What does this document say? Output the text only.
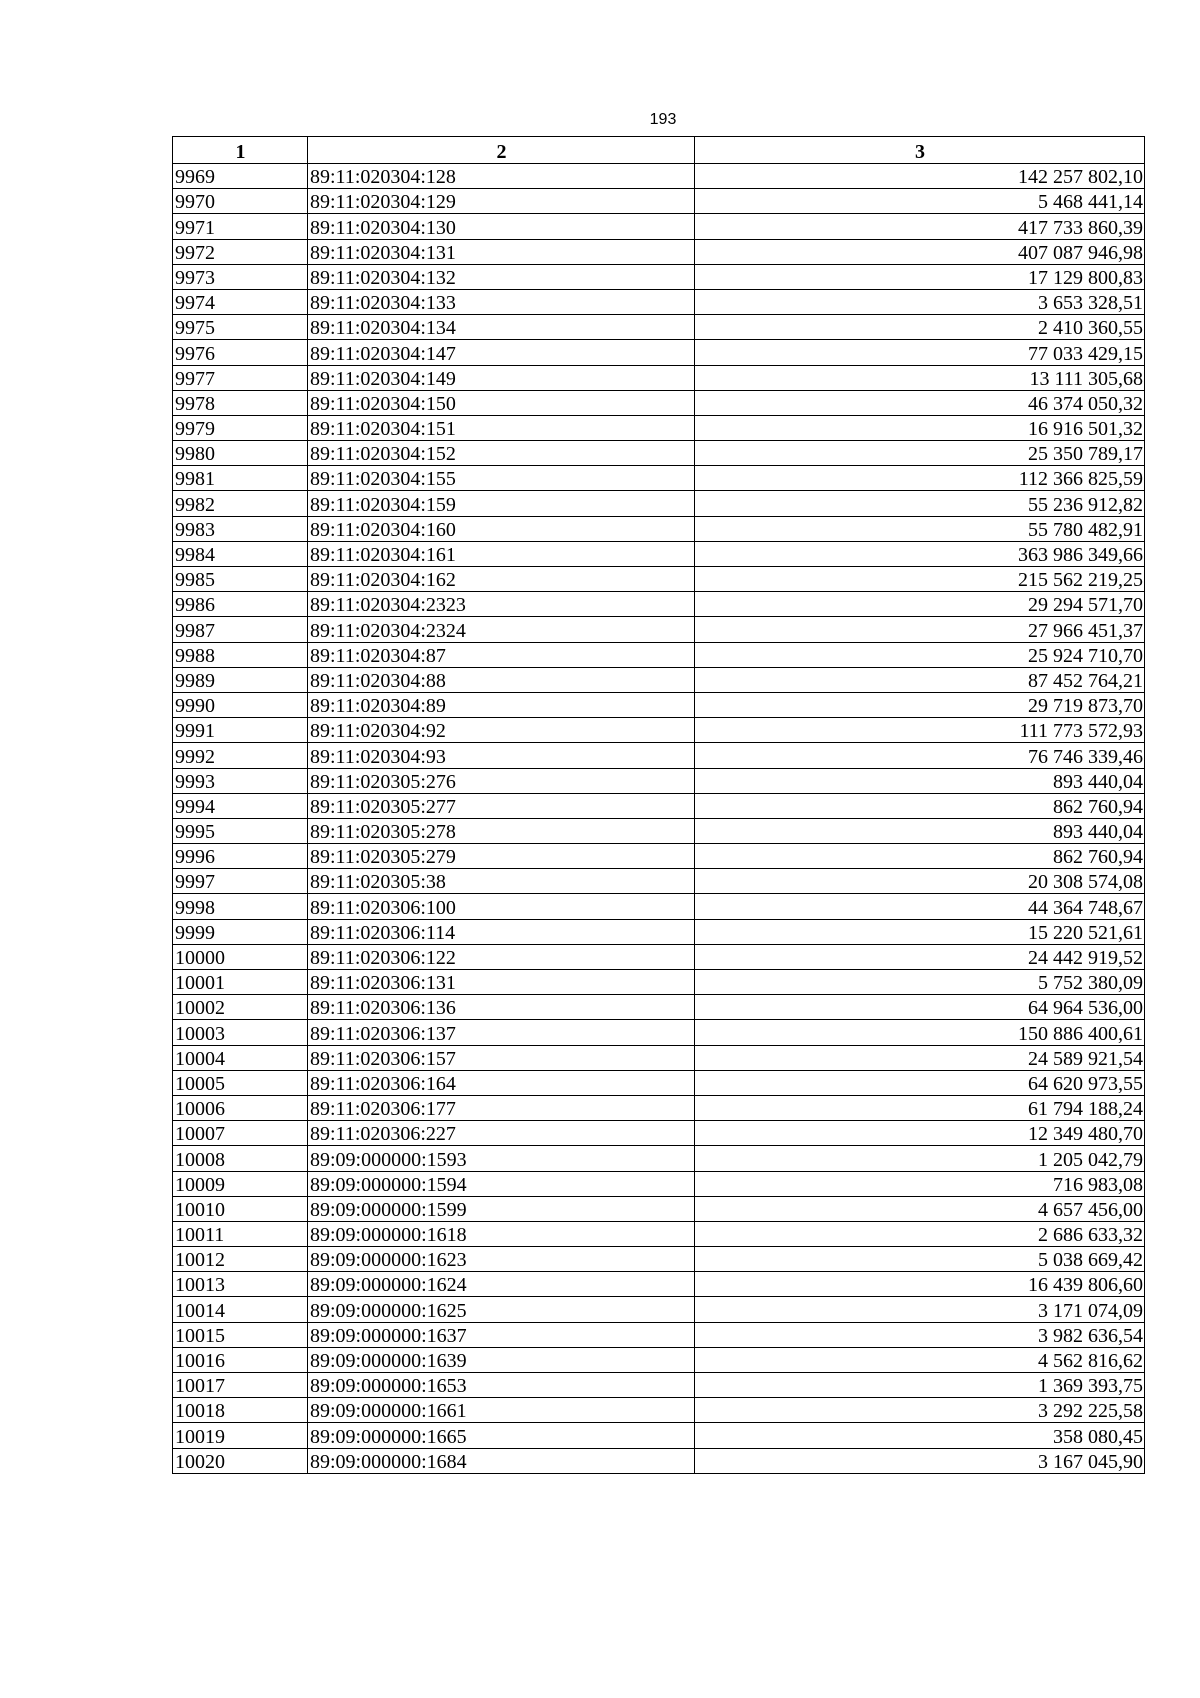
193
1	2	3
9969	89:11:020304:128	142 257 802,10
9970	89:11:020304:129	5 468 441,14
9971	89:11:020304:130	417 733 860,39
9972	89:11:020304:131	407 087 946,98
9973	89:11:020304:132	17 129 800,83
9974	89:11:020304:133	3 653 328,51
9975	89:11:020304:134	2 410 360,55
9976	89:11:020304:147	77 033 429,15
9977	89:11:020304:149	13 111 305,68
9978	89:11:020304:150	46 374 050,32
9979	89:11:020304:151	16 916 501,32
9980	89:11:020304:152	25 350 789,17
9981	89:11:020304:155	112 366 825,59
9982	89:11:020304:159	55 236 912,82
9983	89:11:020304:160	55 780 482,91
9984	89:11:020304:161	363 986 349,66
9985	89:11:020304:162	215 562 219,25
9986	89:11:020304:2323	29 294 571,70
9987	89:11:020304:2324	27 966 451,37
9988	89:11:020304:87	25 924 710,70
9989	89:11:020304:88	87 452 764,21
9990	89:11:020304:89	29 719 873,70
9991	89:11:020304:92	111 773 572,93
9992	89:11:020304:93	76 746 339,46
9993	89:11:020305:276	893 440,04
9994	89:11:020305:277	862 760,94
9995	89:11:020305:278	893 440,04
9996	89:11:020305:279	862 760,94
9997	89:11:020305:38	20 308 574,08
9998	89:11:020306:100	44 364 748,67
9999	89:11:020306:114	15 220 521,61
10000	89:11:020306:122	24 442 919,52
10001	89:11:020306:131	5 752 380,09
10002	89:11:020306:136	64 964 536,00
10003	89:11:020306:137	150 886 400,61
10004	89:11:020306:157	24 589 921,54
10005	89:11:020306:164	64 620 973,55
10006	89:11:020306:177	61 794 188,24
10007	89:11:020306:227	12 349 480,70
10008	89:09:000000:1593	1 205 042,79
10009	89:09:000000:1594	716 983,08
10010	89:09:000000:1599	4 657 456,00
10011	89:09:000000:1618	2 686 633,32
10012	89:09:000000:1623	5 038 669,42
10013	89:09:000000:1624	16 439 806,60
10014	89:09:000000:1625	3 171 074,09
10015	89:09:000000:1637	3 982 636,54
10016	89:09:000000:1639	4 562 816,62
10017	89:09:000000:1653	1 369 393,75
10018	89:09:000000:1661	3 292 225,58
10019	89:09:000000:1665	358 080,45
10020	89:09:000000:1684	3 167 045,90
